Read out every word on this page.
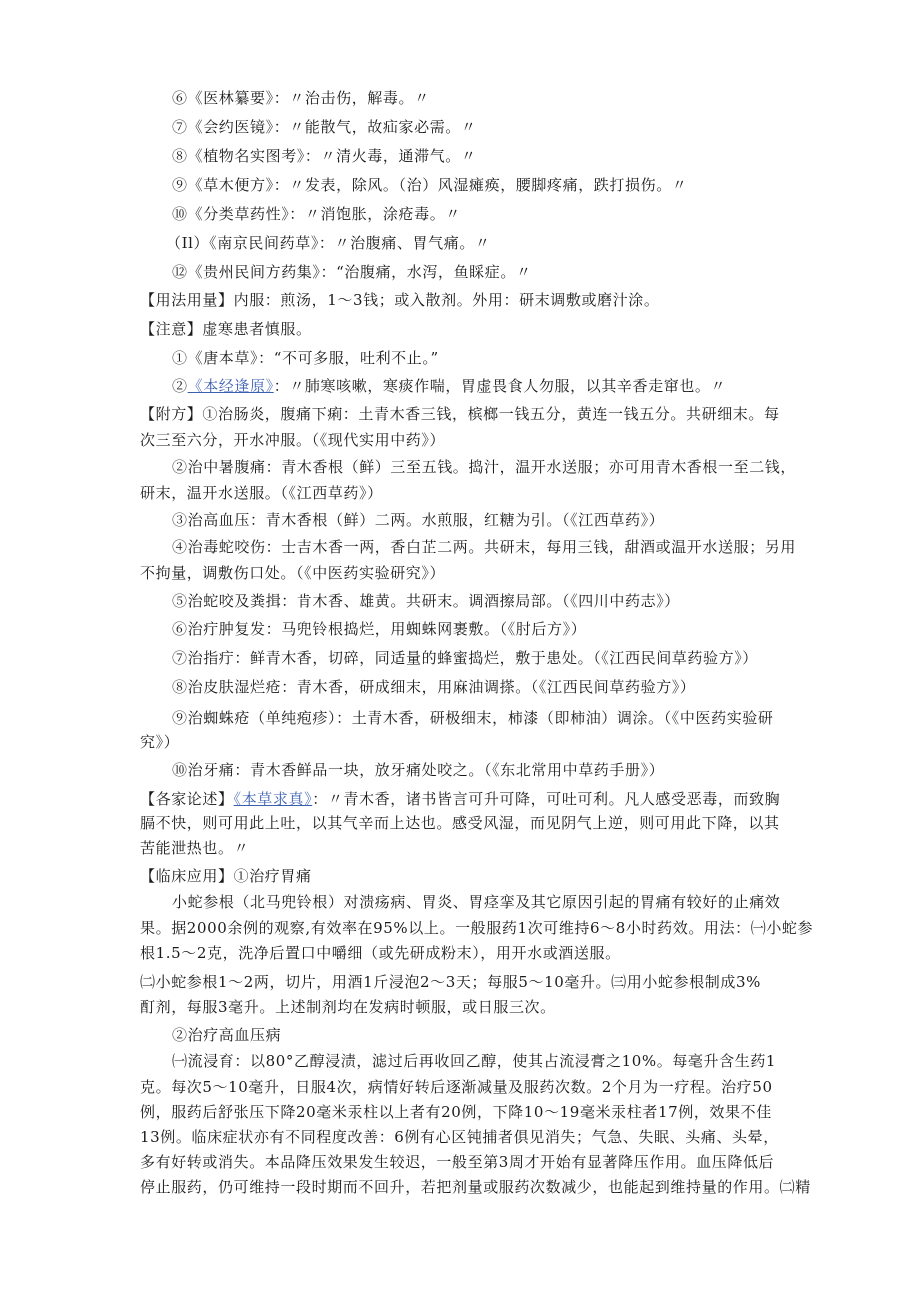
⑥《医林纂要》：〃治击伤，解毒。〃
⑦《会约医镜》：〃能散气，故疝家必需。〃
⑧《植物名实图考》：〃清火毒，通滞气。〃
⑨《草木便方》：〃发表，除风。（治）风湿瘫痪，腰脚疼痛，跌打损伤。〃
⑩《分类草药性》：〃消饱胀，涂疮毒。〃
（Il）《南京民间药草》：〃治腹痛、胃气痛。〃
⑫《贵州民间方药集》：“治腹痛，水泻，鱼睬症。〃
【用法用量】内服：煎汤，1〜3钱；或入散剂。外用：研末调敷或磨汁涂。
【注意】虚寒患者慎服。
①《唐本草》：“不可多服，吐利不止。”
②《本经逢原》：〃肺寒咳嗽，寒痰作喘，胃虚畏食人勿服，以其辛香走窜也。〃
【附方】①治肠炎，腹痛下痢：土青木香三钱，槟榔一钱五分，黄连一钱五分。共研细末。每
次三至六分，开水冲服。（《现代实用中药》）
②治中暑腹痛：青木香根（鲜）三至五钱。捣汁，温开水送服；亦可用青木香根一至二钱，
研末，温开水送服。（《江西草药》）
③治高血压：青木香根（鲜）二两。水煎服，红糖为引。（《江西草药》）
④治毒蛇咬伤：士吉木香一两，香白芷二两。共研末，每用三钱，甜酒或温开水送服；另用
不拘量，调敷伤口处。（《中医药实验研究》）
⑤治蛇咬及粪揖：肯木香、雄黄。共研末。调酒擦局部。（《四川中药志》）
⑥治疔肿复发：马兜铃根捣烂，用蜘蛛网裹敷。（《肘后方》）
⑦治指疔：鲜青木香，切碎，同适量的蜂蜜捣烂，敷于患处。（《江西民间草药验方》）
⑧治皮肤湿烂疮：青木香，研成细末，用麻油调搽。（《江西民间草药验方》）
⑨治蜘蛛疮（单纯疱疹）：土青木香，研极细末，柿漆（即柿油）调涂。（《中医药实验研
究》）
⑩治牙痛：青木香鲜品一块，放牙痛处咬之。（《东北常用中草药手册》）
【各家论述】《本草求真》：〃青木香，诸书皆言可升可降，可吐可利。凡人感受恶毒，而致胸
膈不快，则可用此上吐，以其气辛而上达也。感受风湿，而见阴气上逆，则可用此下降，以其
苦能泄热也。〃
【临床应用】①治疗胃痛
小蛇参根（北马兜铃根）对溃疡病、胃炎、胃痉挛及其它原因引起的胃痛有较好的止痛效
果。据2000余例的观察,有效率在95%以上。一般服药1次可维持6〜8小时药效。用法：㈠小蛇参
根1.5〜2克，洗净后置口中嚼细（或先研成粉末），用开水或酒送服。
㈡小蛇参根1〜2两，切片，用酒1斤浸泡2〜3天；每服5〜10毫升。㈢用小蛇参根制成3%
酊剂，每服3毫升。上述制剂均在发病时顿服，或日服三次。
②治疗高血压病
㈠流浸育：以80°乙醇浸渍，滤过后再收回乙醇，使其占流浸膏之10%。每毫升含生药1
克。每次5〜10毫升，日服4次，病情好转后逐渐减量及服药次数。2个月为一疗程。治疗50
例，服药后舒张压下降20毫米汞柱以上者有20例，下降10〜19毫米汞柱者17例，效果不佳
13例。临床症状亦有不同程度改善：6例有心区钝捕者俱见消失；气急、失眠、头痛、头晕，
多有好转或消失。本品降压效果发生较迟，一般至第3周才开始有显著降压作用。血压降低后
停止服药，仍可维持一段时期而不回升，若把剂量或服药次数减少，也能起到维持量的作用。㈡精
